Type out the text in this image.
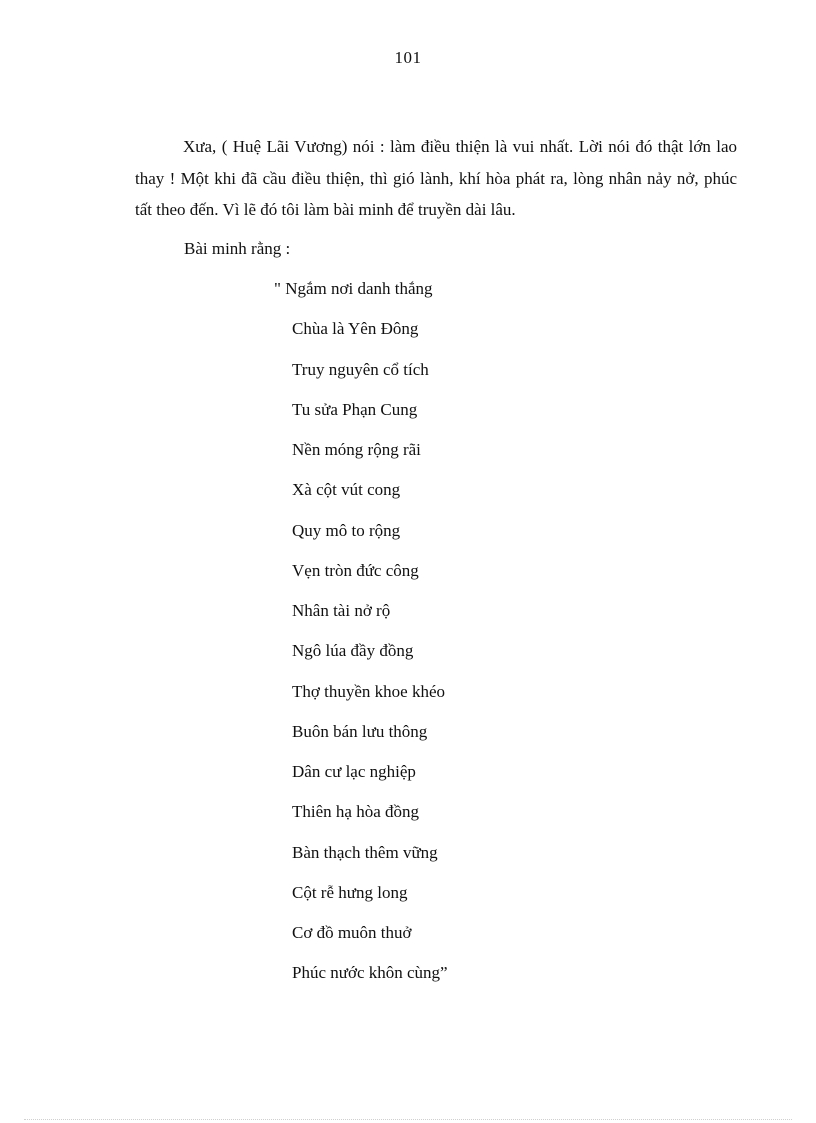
101

Xưa, ( Huệ Lãi Vương) nói : làm điều thiện là vui nhất. Lời nói đó thật lớn lao thay ! Một khi đã cầu điều thiện, thì gió lành, khí hòa phát ra, lòng nhân nảy nở, phúc tất theo đến. Vì lẽ đó tôi làm bài minh để truyền dài lâu.

Bài minh rằng :
" Ngắm nơi danh thắng
Chùa là Yên Đông
Truy nguyên cổ tích
Tu sửa Phạn Cung
Nền móng rộng rãi
Xà cột vút cong
Quy mô to rộng
Vẹn tròn đức công
Nhân tài nở rộ
Ngô lúa đầy đồng
Thợ thuyền khoe khéo
Buôn bán lưu thông
Dân cư lạc nghiệp
Thiên hạ hòa đồng
Bàn thạch thêm vững
Cột rễ hưng long
Cơ đồ muôn thuở
Phúc nước khôn cùng”
